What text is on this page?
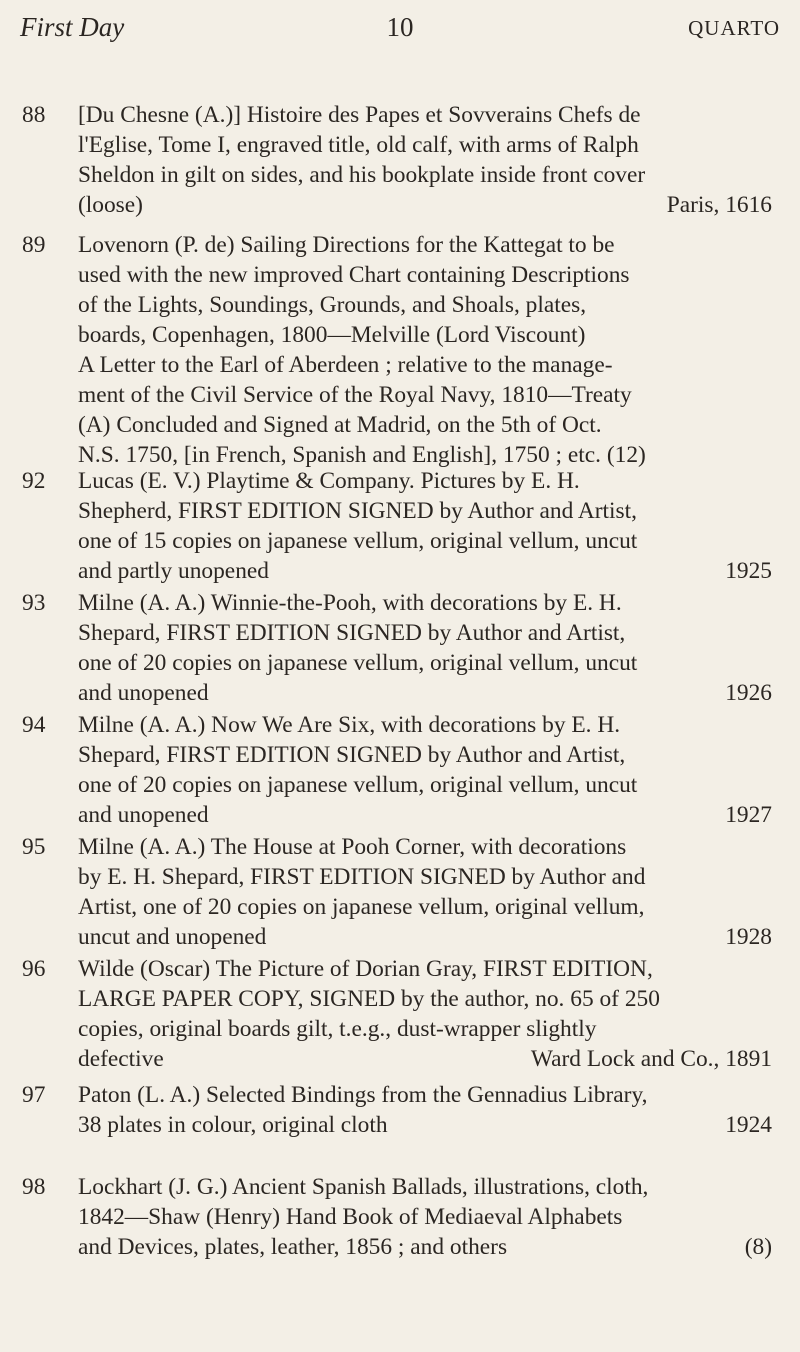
First Day	10	QUARTO
88	[Du Chesne (A.)] Histoire des Papes et Sovverains Chefs de
l'Eglise, Tome I, engraved title, old calf, with arms of Ralph
Sheldon in gilt on sides, and his bookplate inside front cover
(loose)	Paris, 1616
89	Lovenorn (P. de) Sailing Directions for the Kattegat to be
used with the new improved Chart containing Descriptions
of the Lights, Soundings, Grounds, and Shoals, plates,
boards, Copenhagen, 1800—Melville (Lord Viscount)
A Letter to the Earl of Aberdeen ; relative to the manage-
ment of the Civil Service of the Royal Navy, 1810—Treaty
(A) Concluded and Signed at Madrid, on the 5th of Oct.
N.S. 1750, [in French, Spanish and English], 1750 ; etc. (12)
92	Lucas (E. V.) Playtime & Company. Pictures by E. H.
Shepherd, FIRST EDITION SIGNED by Author and Artist,
one of 15 copies on japanese vellum, original vellum, uncut
and partly unopened	1925
93	Milne (A. A.) Winnie-the-Pooh, with decorations by E. H.
Shepard, FIRST EDITION SIGNED by Author and Artist,
one of 20 copies on japanese vellum, original vellum, uncut
and unopened	1926
94	Milne (A. A.) Now We Are Six, with decorations by E. H.
Shepard, FIRST EDITION SIGNED by Author and Artist,
one of 20 copies on japanese vellum, original vellum, uncut
and unopened	1927
95	Milne (A. A.) The House at Pooh Corner, with decorations
by E. H. Shepard, FIRST EDITION SIGNED by Author and
Artist, one of 20 copies on japanese vellum, original vellum,
uncut and unopened	1928
96	Wilde (Oscar) The Picture of Dorian Gray, FIRST EDITION,
LARGE PAPER COPY, SIGNED by the author, no. 65 of 250
copies, original boards gilt, t.e.g., dust-wrapper slightly
defective	Ward Lock and Co., 1891
97	Paton (L. A.) Selected Bindings from the Gennadius Library,
38 plates in colour, original cloth	1924
98	Lockhart (J. G.) Ancient Spanish Ballads, illustrations, cloth,
1842—Shaw (Henry) Hand Book of Mediaeval Alphabets
and Devices, plates, leather, 1856 ; and others	(8)
